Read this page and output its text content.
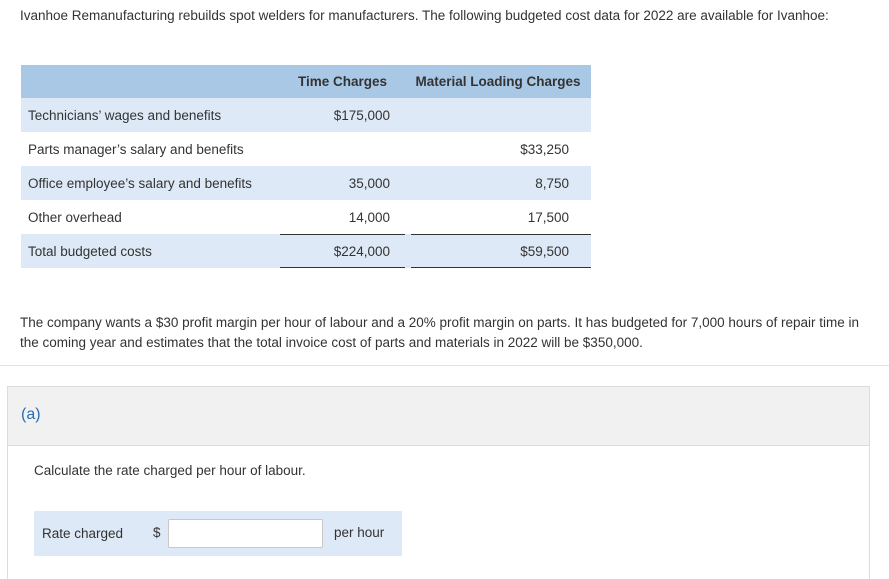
Ivanhoe Remanufacturing rebuilds spot welders for manufacturers. The following budgeted cost data for 2022 are available for Ivanhoe:

	Time Charges	Material Loading Charges
Technicians’ wages and benefits	$175,000	
Parts manager’s salary and benefits		$33,250
Office employee’s salary and benefits	35,000	8,750
Other overhead	14,000	17,500
Total budgeted costs	$224,000	$59,500

The company wants a $30 profit margin per hour of labour and a 20% profit margin on parts. It has budgeted for 7,000 hours of repair time in the coming year and estimates that the total invoice cost of parts and materials in 2022 will be $350,000.

(a)

Calculate the rate charged per hour of labour.

Rate charged $	per hour
